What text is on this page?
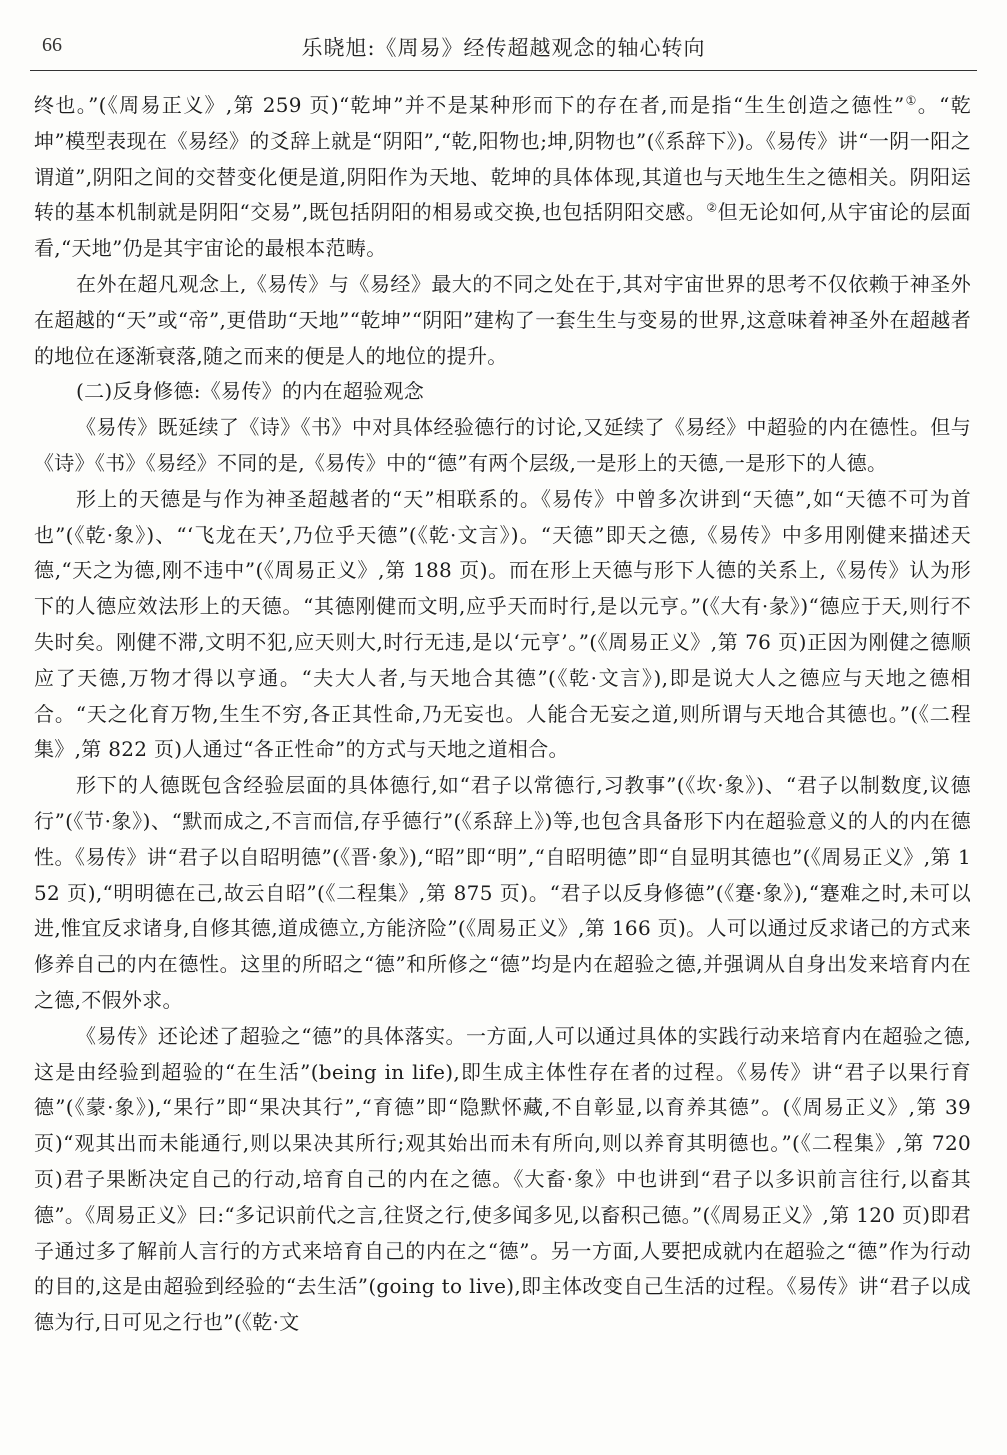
66	乐晓旭:《周易》经传超越观念的轴心转向

终也。”(《周易正义》,第 259 页)“乾坤”并不是某种形而下的存在者,而是指“生生创造之德性”①。“乾坤”模型表现在《易经》的爻辞上就是“阴阳”,“乾,阳物也;坤,阴物也”(《系辞下》)。《易传》讲“一阴一阳之谓道”,阴阳之间的交替变化便是道,阴阳作为天地、乾坤的具体体现,其道也与天地生生之德相关。阴阳运转的基本机制就是阴阳“交易”,既包括阴阳的相易或交换,也包括阴阳交感。②但无论如何,从宇宙论的层面看,“天地”仍是其宇宙论的最根本范畴。

在外在超凡观念上,《易传》与《易经》最大的不同之处在于,其对宇宙世界的思考不仅依赖于神圣外在超越的“天”或“帝”,更借助“天地”“乾坤”“阴阳”建构了一套生生与变易的世界,这意味着神圣外在超越者的地位在逐渐衰落,随之而来的便是人的地位的提升。

(二)反身修德:《易传》的内在超验观念

《易传》既延续了《诗》《书》中对具体经验德行的讨论,又延续了《易经》中超验的内在德性。但与《诗》《书》《易经》不同的是,《易传》中的“德”有两个层级,一是形上的天德,一是形下的人德。

形上的天德是与作为神圣超越者的“天”相联系的。《易传》中曾多次讲到“天德”,如“天德不可为首也”(《乾·象》)、“‘飞龙在天’,乃位乎天德”(《乾·文言》)。“天德”即天之德,《易传》中多用刚健来描述天德,“天之为德,刚不违中”(《周易正义》,第 188 页)。而在形上天德与形下人德的关系上,《易传》认为形下的人德应效法形上的天德。“其德刚健而文明,应乎天而时行,是以元亨。”(《大有·彖》)“德应于天,则行不失时矣。刚健不滞,文明不犯,应天则大,时行无违,是以‘元亨’。”(《周易正义》,第 76 页)正因为刚健之德顺应了天德,万物才得以亨通。“夫大人者,与天地合其德”(《乾·文言》),即是说大人之德应与天地之德相合。“天之化育万物,生生不穷,各正其性命,乃无妄也。人能合无妄之道,则所谓与天地合其德也。”(《二程集》,第 822 页)人通过“各正性命”的方式与天地之道相合。

形下的人德既包含经验层面的具体德行,如“君子以常德行,习教事”(《坎·象》)、“君子以制数度,议德行”(《节·象》)、“默而成之,不言而信,存乎德行”(《系辞上》)等,也包含具备形下内在超验意义的人的内在德性。《易传》讲“君子以自昭明德”(《晋·象》),“昭”即“明”,“自昭明德”即“自显明其德也”(《周易正义》,第 152 页),“明明德在己,故云自昭”(《二程集》,第 875 页)。“君子以反身修德”(《蹇·象》),“蹇难之时,未可以进,惟宜反求诸身,自修其德,道成德立,方能济险”(《周易正义》,第 166 页)。人可以通过反求诸己的方式来修养自己的内在德性。这里的所昭之“德”和所修之“德”均是内在超验之德,并强调从自身出发来培育内在之德,不假外求。

《易传》还论述了超验之“德”的具体落实。一方面,人可以通过具体的实践行动来培育内在超验之德,这是由经验到超验的“在生活”(being in life),即生成主体性存在者的过程。《易传》讲“君子以果行育德”(《蒙·象》),“果行”即“果决其行”,“育德”即“隐默怀藏,不自彰显,以育养其德”。(《周易正义》,第 39 页)“观其出而未能通行,则以果决其所行;观其始出而未有所向,则以养育其明德也。”(《二程集》,第 720 页)君子果断决定自己的行动,培育自己的内在之德。《大畜·象》中也讲到“君子以多识前言往行,以畜其德”。《周易正义》曰:“多记识前代之言,往贤之行,使多闻多见,以畜积己德。”(《周易正义》,第 120 页)即君子通过多了解前人言行的方式来培育自己的内在之“德”。另一方面,人要把成就内在超验之“德”作为行动的目的,这是由超验到经验的“去生活”(going to live),即主体改变自己生活的过程。《易传》讲“君子以成德为行,日可见之行也”(《乾·文
